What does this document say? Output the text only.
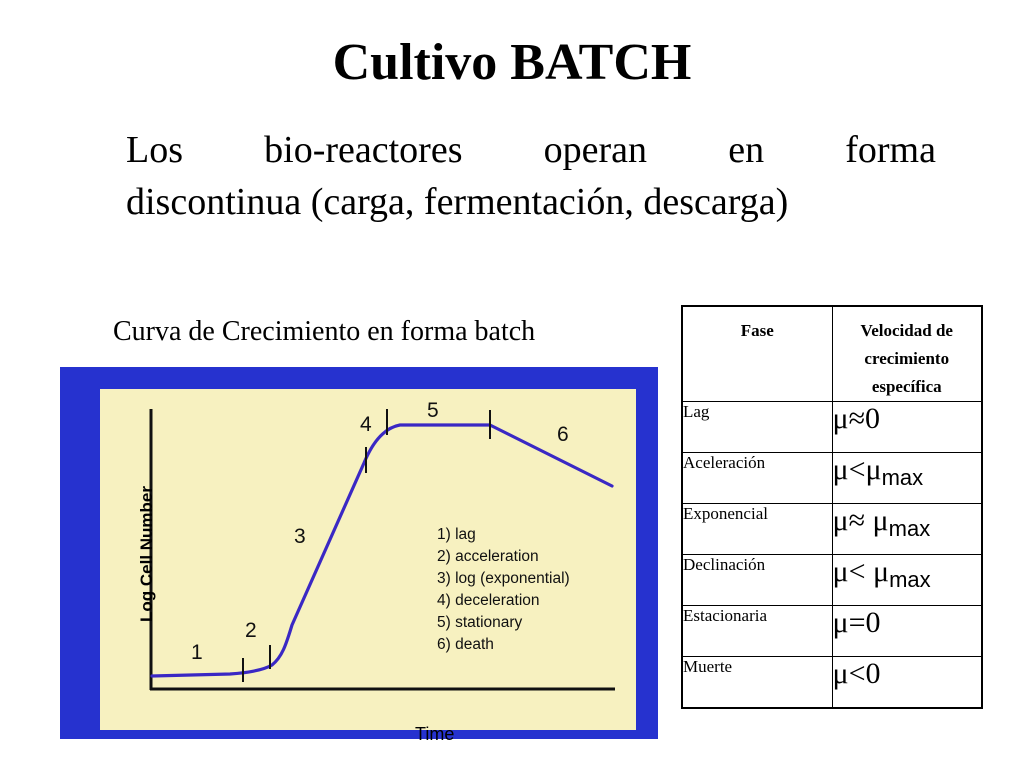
Cultivo BATCH
Los bio-reactores operan en forma
discontinua (carga, fermentación, descarga)
Curva de Crecimiento en forma batch
1
2
3
4
5
6
1) lag
2) acceleration
3) log (exponential)
4) deceleration
5) stationary
6) death
Log Cell Number
Time
Fase	Velocidad de crecimiento específica
Lag	μ≈0
Aceleración	$\mu<\mu_{max}$
Exponencial	$\mu\approx \mu_{max}$
Declinación	$\mu< \mu_{max}$
Estacionaria	μ=0
Muerte	μ<0
